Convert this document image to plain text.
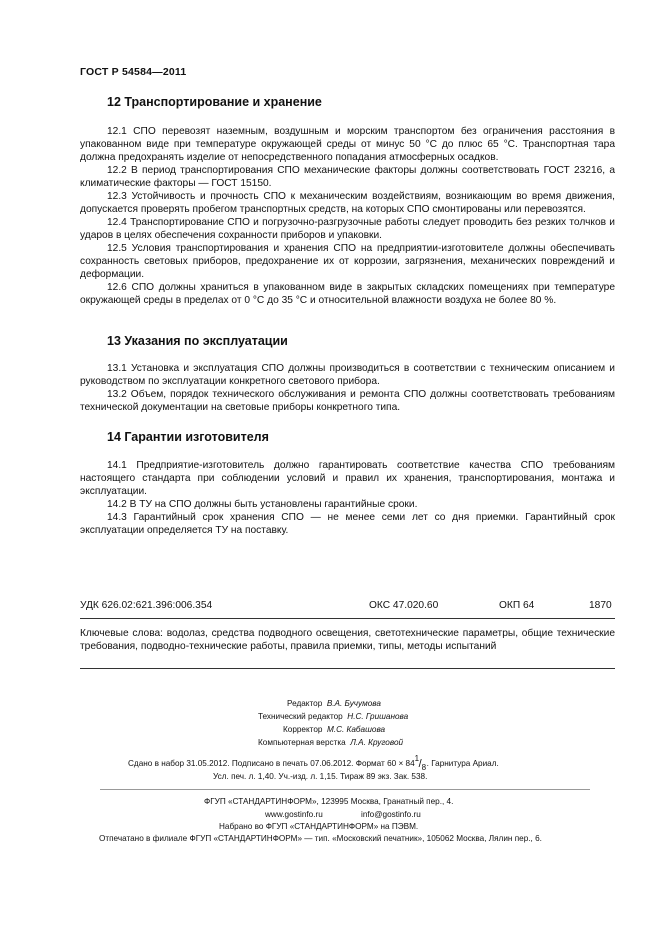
ГОСТ Р 54584—2011
12 Транспортирование и хранение

12.1 СПО перевозят наземным, воздушным и морским транспортом без ограничения расстояния в упакованном виде при температуре окружающей среды от минус 50 °С до плюс 65 °С. Транспортная тара должна предохранять изделие от непосредственного попадания атмосферных осадков.

12.2 В период транспортирования СПО механические факторы должны соответствовать ГОСТ 23216, а климатические факторы — ГОСТ 15150.

12.3 Устойчивость и прочность СПО к механическим воздействиям, возникающим во время движения, допускается проверять пробегом транспортных средств, на которых СПО смонтированы или перевозятся.

12.4 Транспортирование СПО и погрузочно-разгрузочные работы следует проводить без резких толчков и ударов в целях обеспечения сохранности приборов и упаковки.

12.5 Условия транспортирования и хранения СПО на предприятии-изготовителе должны обеспечивать сохранность световых приборов, предохранение их от коррозии, загрязнения, механических повреждений и деформации.

12.6 СПО должны храниться в упакованном виде в закрытых складских помещениях при температуре окружающей среды в пределах от 0 °С до 35 °С и относительной влажности воздуха не более 80 %.

13 Указания по эксплуатации

13.1 Установка и эксплуатация СПО должны производиться в соответствии с техническим описанием и руководством по эксплуатации конкретного светового прибора.

13.2 Объем, порядок технического обслуживания и ремонта СПО должны соответствовать требованиям технической документации на световые приборы конкретного типа.

14 Гарантии изготовителя

14.1 Предприятие-изготовитель должно гарантировать соответствие качества СПО требованиям настоящего стандарта при соблюдении условий и правил их хранения, транспортирования, монтажа и эксплуатации.

14.2 В ТУ на СПО должны быть установлены гарантийные сроки.

14.3 Гарантийный срок хранения СПО — не менее семи лет со дня приемки. Гарантийный срок эксплуатации определяется ТУ на поставку.

УДК 626.02:621.396:006.354	ОКС 47.020.60	ОКП 64	1870
Ключевые слова: водолаз, средства подводного освещения, светотехнические параметры, общие технические требования, подводно-технические работы, правила приемки, типы, методы испытаний
Редактор В.А. Бучумова
Технический редактор Н.С. Гришанова
Корректор М.С. Кабашова
Компьютерная верстка Л.А. Круговой
Сдано в набор 31.05.2012. Подписано в печать 07.06.2012. Формат 60 × 84
1 / 8 . Гарнитура Ариал.
Усл. печ. л. 1,40. Уч.-изд. л. 1,15. Тираж 89 экз. Зак. 538.
ФГУП «СТАНДАРТИНФОРМ», 123995 Москва, Гранатный пер., 4.
www.gostinfo.ru	info@gostinfo.ru
Набрано во ФГУП «СТАНДАРТИНФОРМ» на ПЭВМ.
Отпечатано в филиале ФГУП «СТАНДАРТИНФОРМ» — тип. «Московский печатник», 105062 Москва, Лялин пер., 6.
